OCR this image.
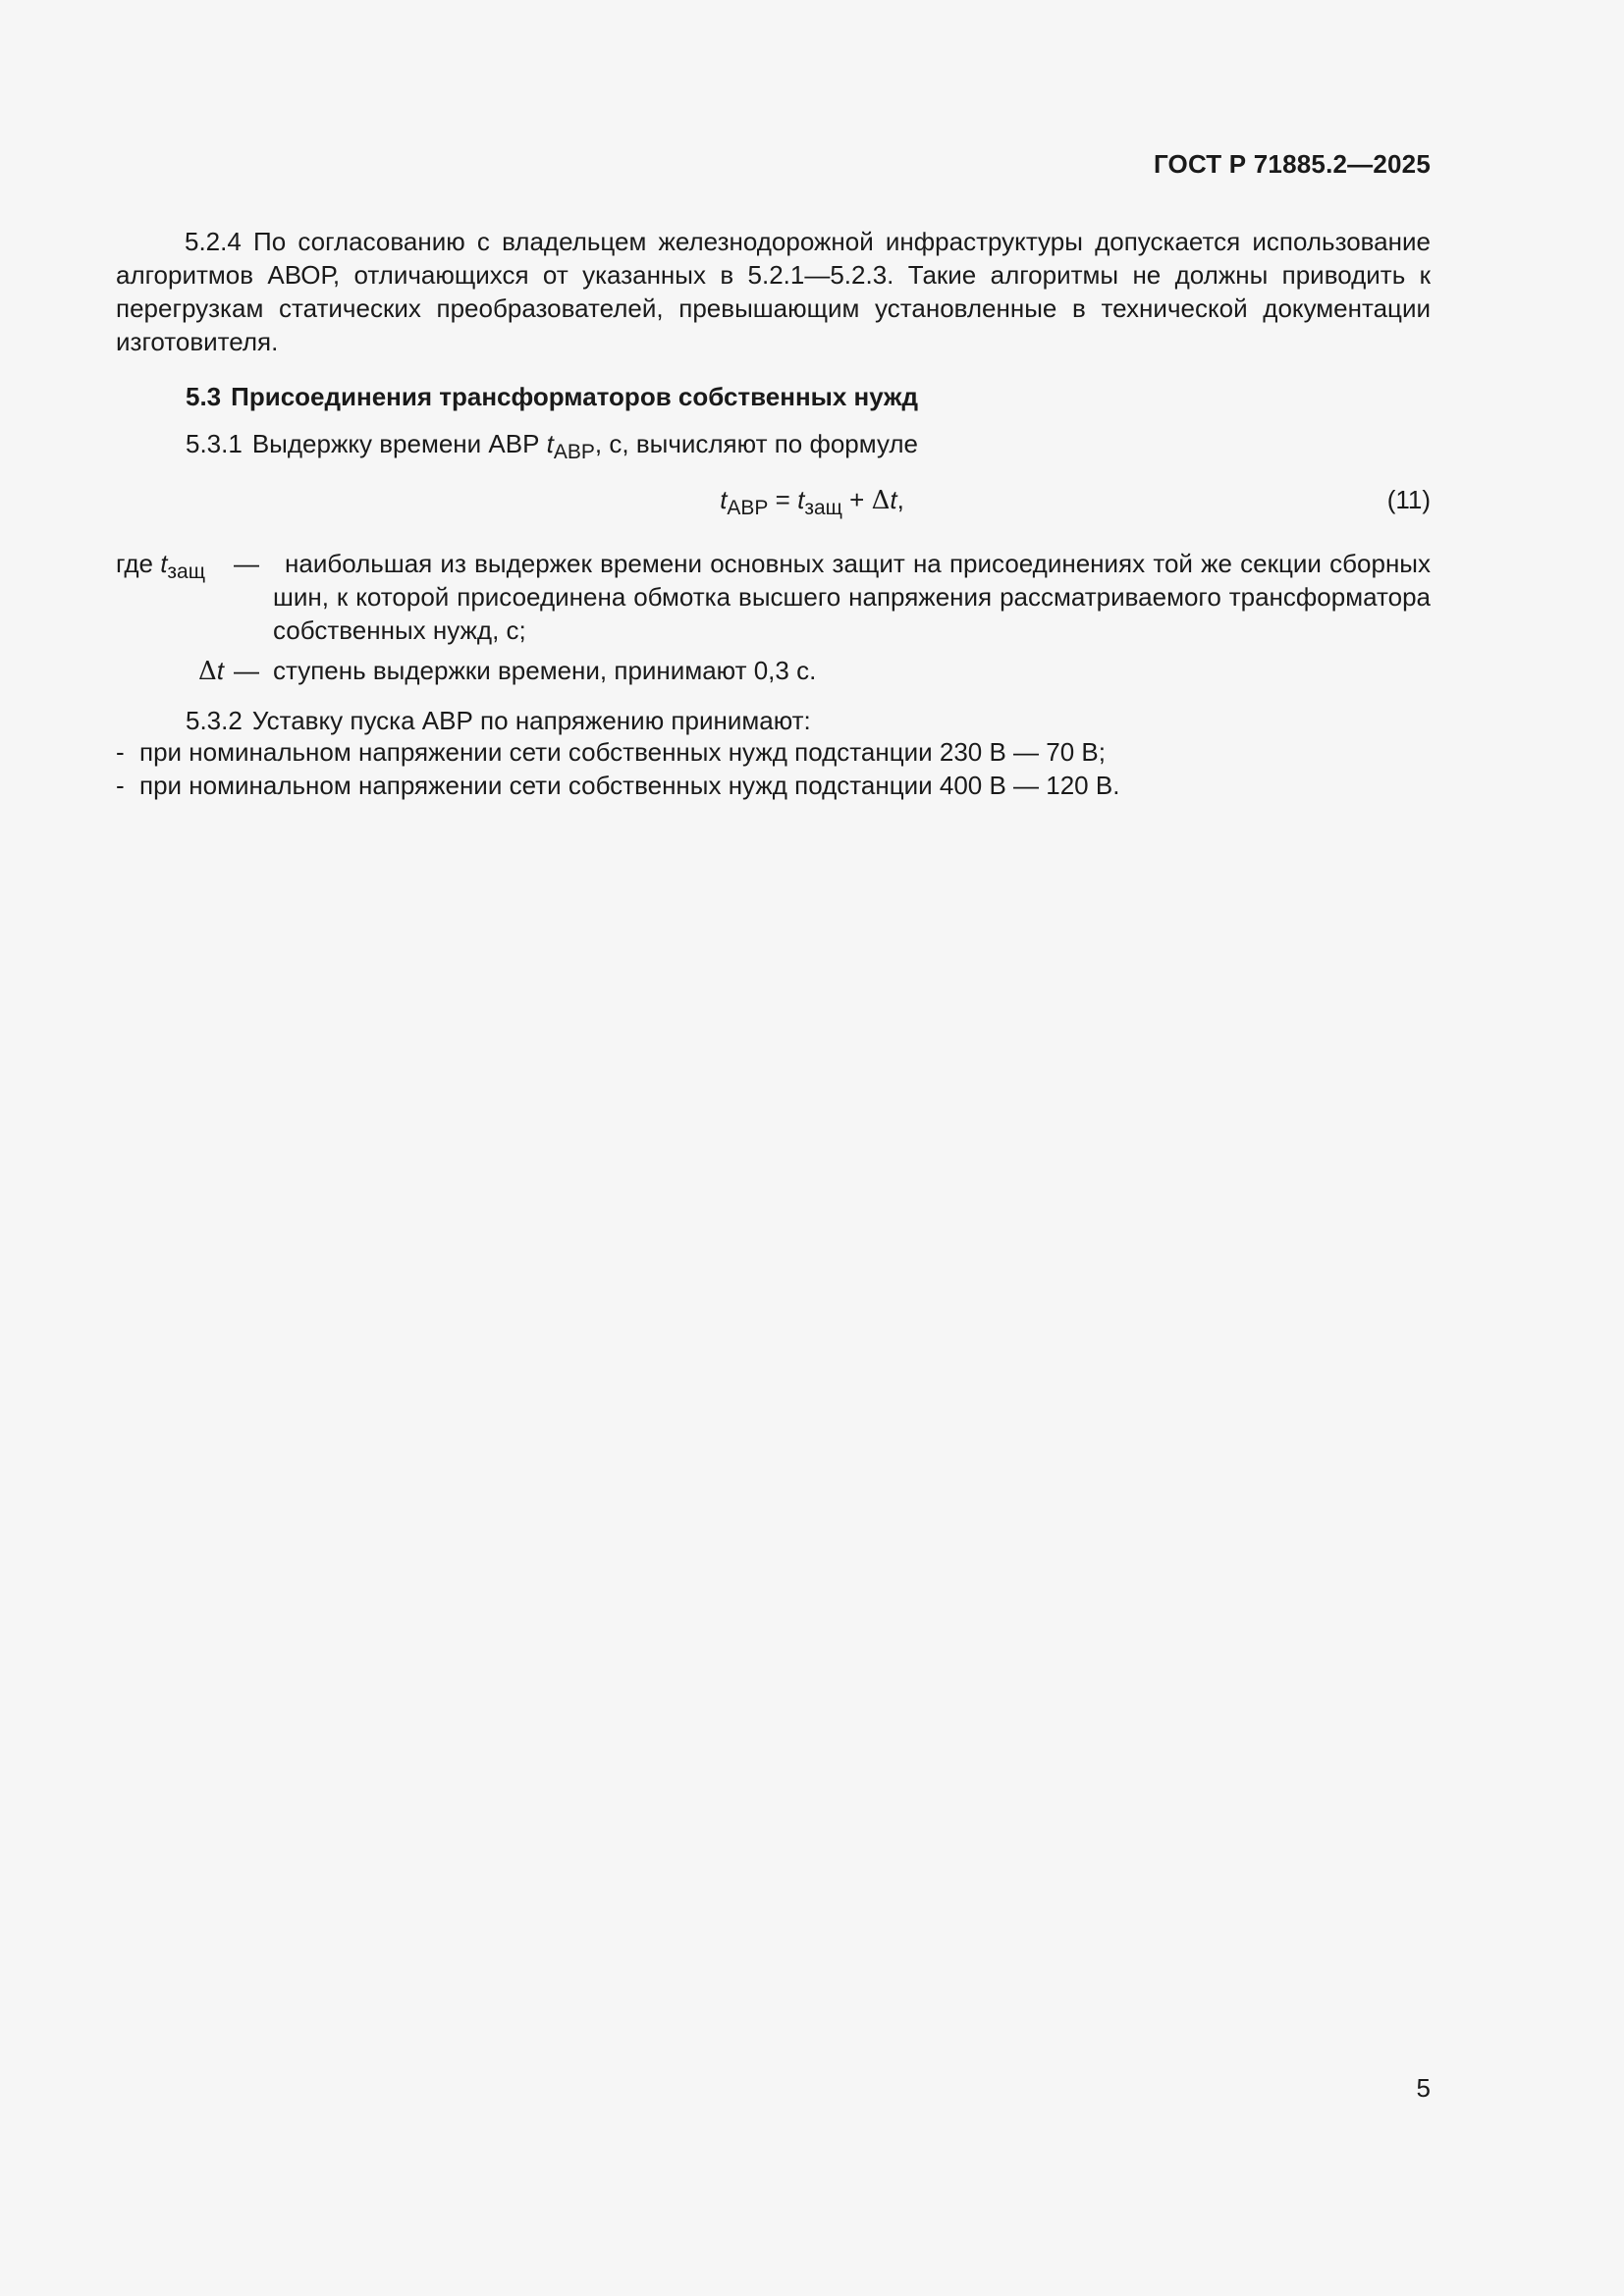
ГОСТ Р 71885.2—2025
5.2.4 По согласованию с владельцем железнодорожной инфраструктуры допускается использование алгоритмов АВОР, отличающихся от указанных в 5.2.1—5.2.3. Такие алгоритмы не должны приводить к перегрузкам статических преобразователей, превышающим установленные в технической документации изготовителя.
5.3 Присоединения трансформаторов собственных нужд
5.3.1 Выдержку времени АВР $t_{АВР}$, с, вычисляют по формуле
$t_{АВР} = t_{защ} + \Delta t$,	(11)
где $t_{защ}$ —	наибольшая из выдержек времени основных защит на присоединениях той же секции сборных шин, к которой присоединена обмотка высшего напряжения рассматриваемого трансформатора собственных нужд, с;
Δt — ступень выдержки времени, принимают 0,3 с.
5.3.2 Уставку пуска АВР по напряжению принимают:
- при номинальном напряжении сети собственных нужд подстанции 230 В — 70 В;
- при номинальном напряжении сети собственных нужд подстанции 400 В — 120 В.
5
